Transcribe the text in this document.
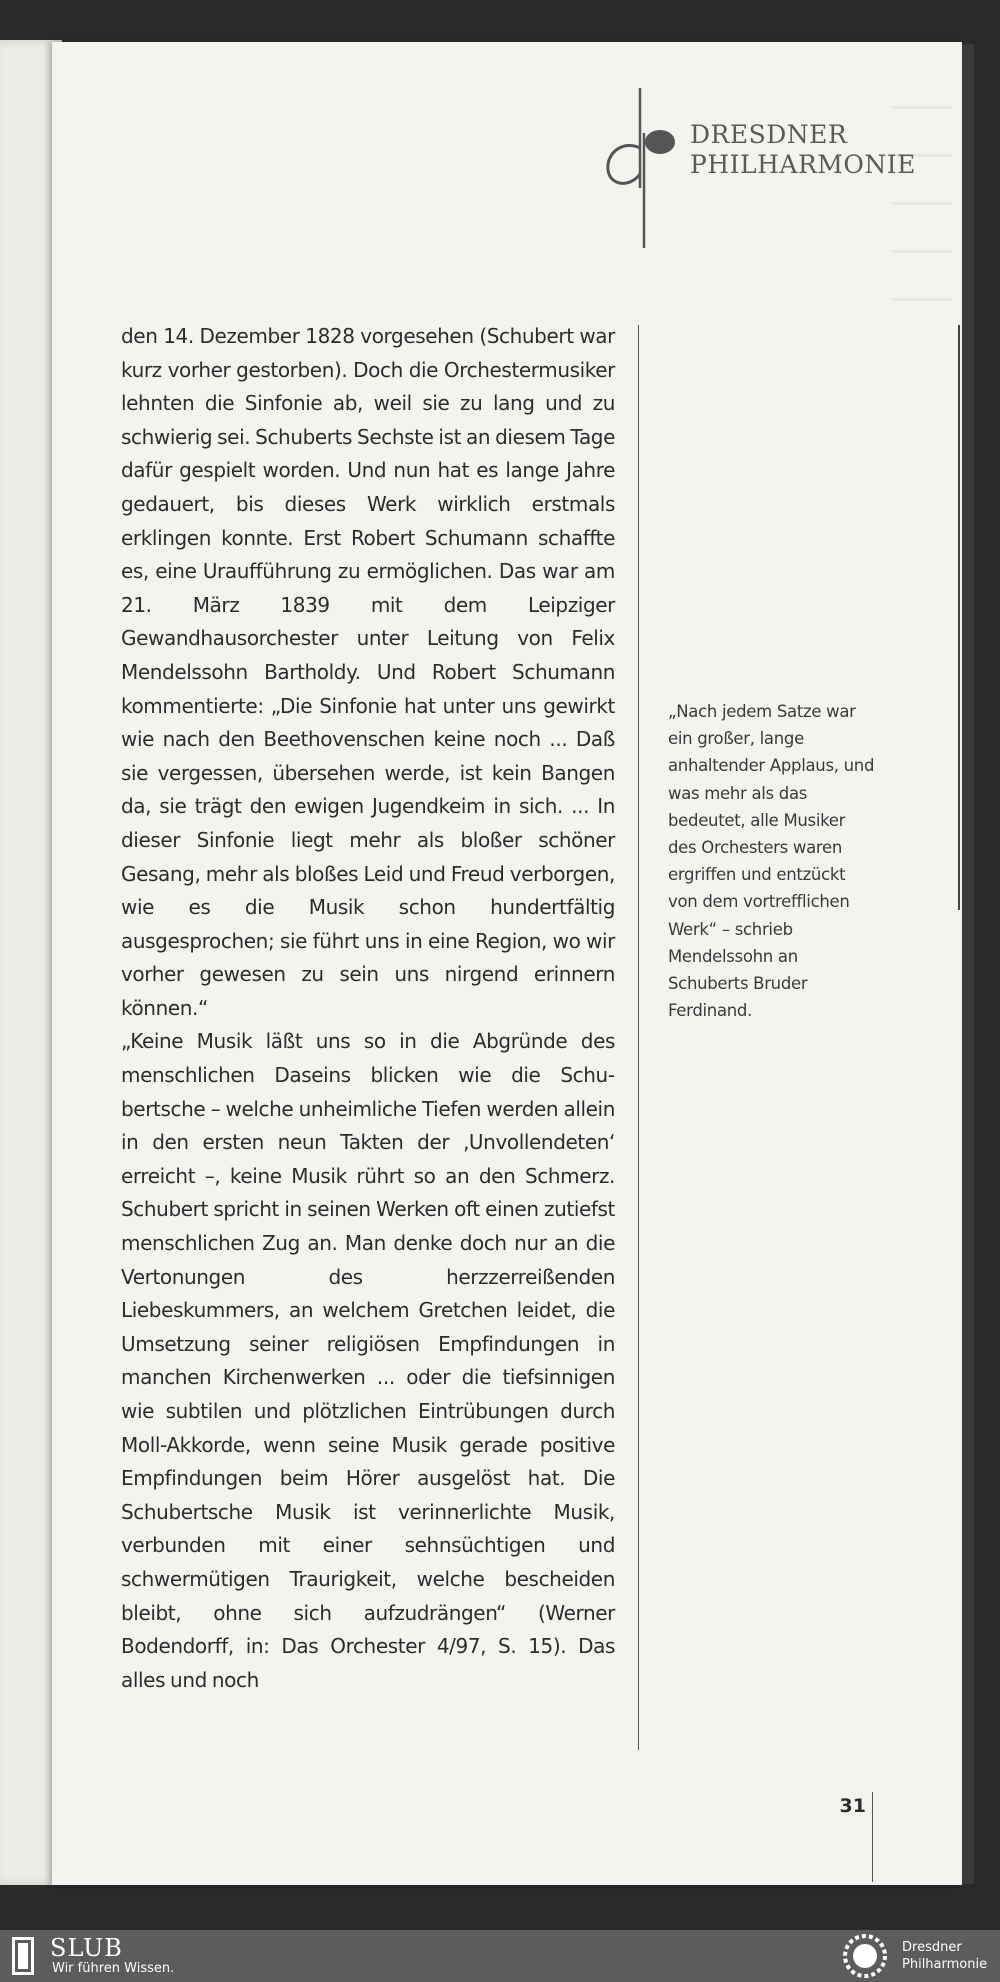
DRESDNER
PHILHARMONIE

den 14. Dezember 1828 vorgesehen (Schubert war kurz vorher gestorben). Doch die Orchestermusiker lehnten die Sinfonie ab, weil sie zu lang und zu schwierig sei. Schuberts Sechste ist an diesem Tage dafür gespielt worden. Und nun hat es lange Jahre gedauert, bis dieses Werk wirklich erstmals erklingen konnte. Erst Robert Schumann schaffte es, eine Uraufführung zu ermöglichen. Das war am 21. März 1839 mit dem Leipziger Gewandhausorchester unter Leitung von Felix Mendelssohn Bartholdy. Und Robert Schumann kommentierte: „Die Sinfonie hat unter uns gewirkt wie nach den Beethovenschen keine noch ... Daß sie vergessen, übersehen werde, ist kein Bangen da, sie trägt den ewigen Jugendkeim in sich. ... In dieser Sinfonie liegt mehr als bloßer schöner Gesang, mehr als bloßes Leid und Freud verborgen, wie es die Musik schon hundertfältig ausgesprochen; sie führt uns in eine Region, wo wir vorher gewesen zu sein uns nirgend erinnern können.“

„Keine Musik läßt uns so in die Abgründe des menschlichen Daseins blicken wie die Schubertsche – welche unheimliche Tiefen werden allein in den ersten neun Takten der ‚Unvollendeten‘ erreicht –, keine Musik rührt so an den Schmerz. Schubert spricht in seinen Werken oft einen zutiefst menschlichen Zug an. Man denke doch nur an die Vertonungen des herzzerreißenden Liebeskummers, an welchem Gretchen leidet, die Umsetzung seiner religiösen Empfindungen in manchen Kirchenwerken ... oder die tiefsinnigen wie subtilen und plötzlichen Eintrübungen durch Moll-Akkorde, wenn seine Musik gerade positive Empfindungen beim Hörer ausgelöst hat. Die Schubertsche Musik ist verinnerlichte Musik, verbunden mit einer sehnsüchtigen und schwermütigen Traurigkeit, welche bescheiden bleibt, ohne sich aufzudrängen“ (Werner Bodendorff, in: Das Orchester 4/97, S. 15). Das alles und noch

„Nach jedem Satze war ein großer, lange anhaltender Applaus, und was mehr als das bedeutet, alle Musiker des Orchesters waren ergriffen und entzückt von dem vortrefflichen Werk“ – schrieb Mendelssohn an Schuberts Bruder Ferdinand.
31
SLUB
Wir führen Wissen.
Dresdner
Philharmonie
